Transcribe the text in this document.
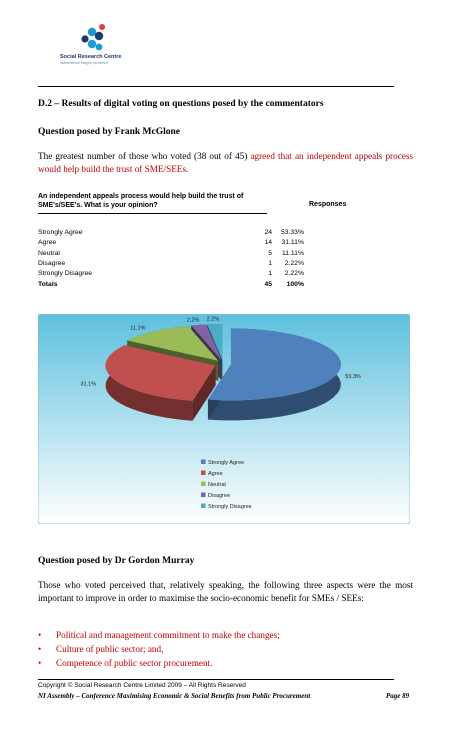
Social Research Centre
independence integrity excellence
D.2 – Results of digital voting on questions posed by the commentators
Question posed by Frank McGlone
The greatest number of those who voted (38 out of 45) agreed that an independent appeals process would help build the trust of SME/SEEs.
An independent appeals process would help build the trust of SME's/SEE's. What is your opinion?	Responses
Strongly Agree	24	53.33%
Agree	14	31.11%
Neutral	5	11.11%
Disagree	1	2.22%
Strongly Disagree	1	2.22%
Totals	45	100%
53.3%
31.1%
11.1%
2.2% 2.2%
Strongly Agree
Agree
Neutral
Disagree
Strongly Disagree
Question posed by Dr Gordon Murray
Those who voted perceived that, relatively speaking, the following three aspects were the most important to improve in order to maximise the socio-economic benefit for SMEs / SEEs:
• Political and management commitment to make the changes;
• Culture of public sector; and,
• Competence of public sector procurement.
Copyright © Social Research Centre Limited 2009 – All Rights Reserved
NI Assembly – Conference Maximising Economic & Social Benefits from Public Procurement	Page 89
